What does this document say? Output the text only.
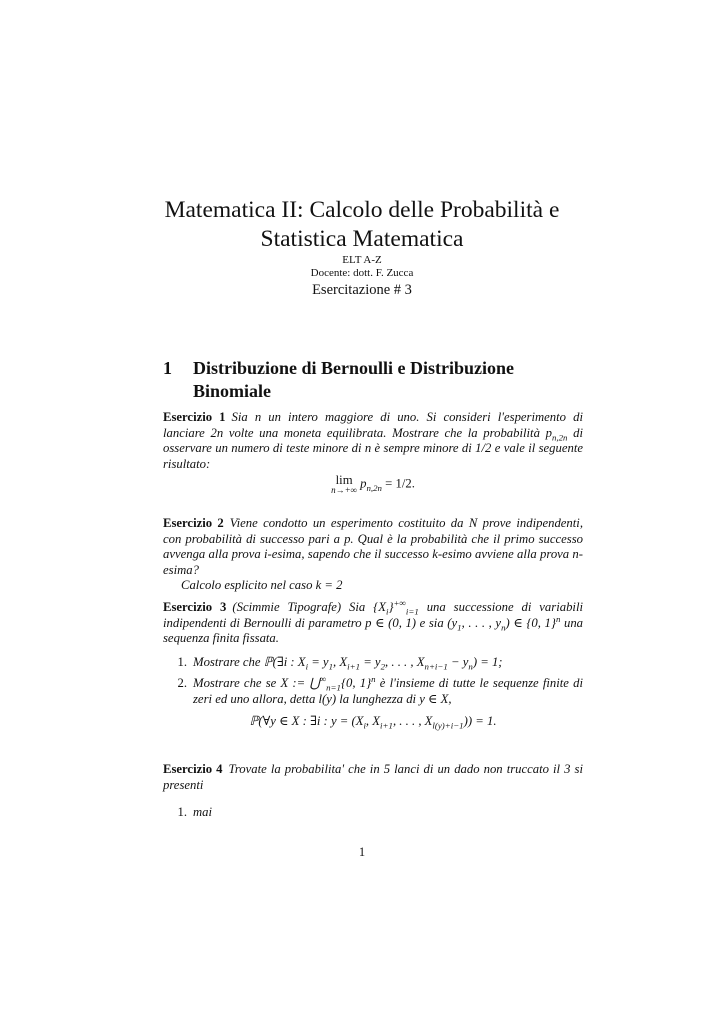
Matematica II: Calcolo delle Probabilità e
Statistica Matematica
ELT A-Z
Docente: dott. F. Zucca
Esercitazione # 3
1	Distribuzione di Bernoulli e Distribuzione Binomiale
Esercizio 1 Sia n un intero maggiore di uno. Si consideri l'esperimento di lanciare 2n volte una moneta equilibrata. Mostrare che la probabilità $p_{n,2n}$ di osservare un numero di teste minore di n è sempre minore di 1/2 e vale il seguente risultato:
lim
n→+∞ $p_{n,2n} = 1/2$.
Esercizio 2 Viene condotto un esperimento costituito da N prove indipendenti, con probabilità di successo pari a p. Qual è la probabilità che il primo successo avvenga alla prova i-esima, sapendo che il successo k-esimo avviene alla prova n-esima?
Calcolo esplicito nel caso k = 2
Esercizio 3 (Scimmie Tipografe) Sia $\{X_i\}^{+\infty}_{i=1}$ una successione di variabili indipendenti di Bernoulli di parametro p ∈ (0, 1) e sia ($y_1$, . . . , $y_n$) ∈ {0, 1}$^n$ una sequenza finita fissata.
1. Mostrare che ℙ(∃i : $X_i = y_1$, $X_{i+1} = y_2$, . . . , $X_{n+i-1} - y_n) = 1$;
2. Mostrare che se X := $⋃^\infty_{n=1}\{0$, 1}$^n$ è l'insieme di tutte le sequenze finite di zeri ed uno allora, detta l(y) la lunghezza di y ∈ X,
ℙ(∀y ∈ X : ∃i : $y = (X_i$, $X_{i+1}$, . . . , $X_{l(y)+i-1})) = 1$.
Esercizio 4 Trovate la probabilita' che in 5 lanci di un dado non truccato il 3 si presenti
1. mai
1
